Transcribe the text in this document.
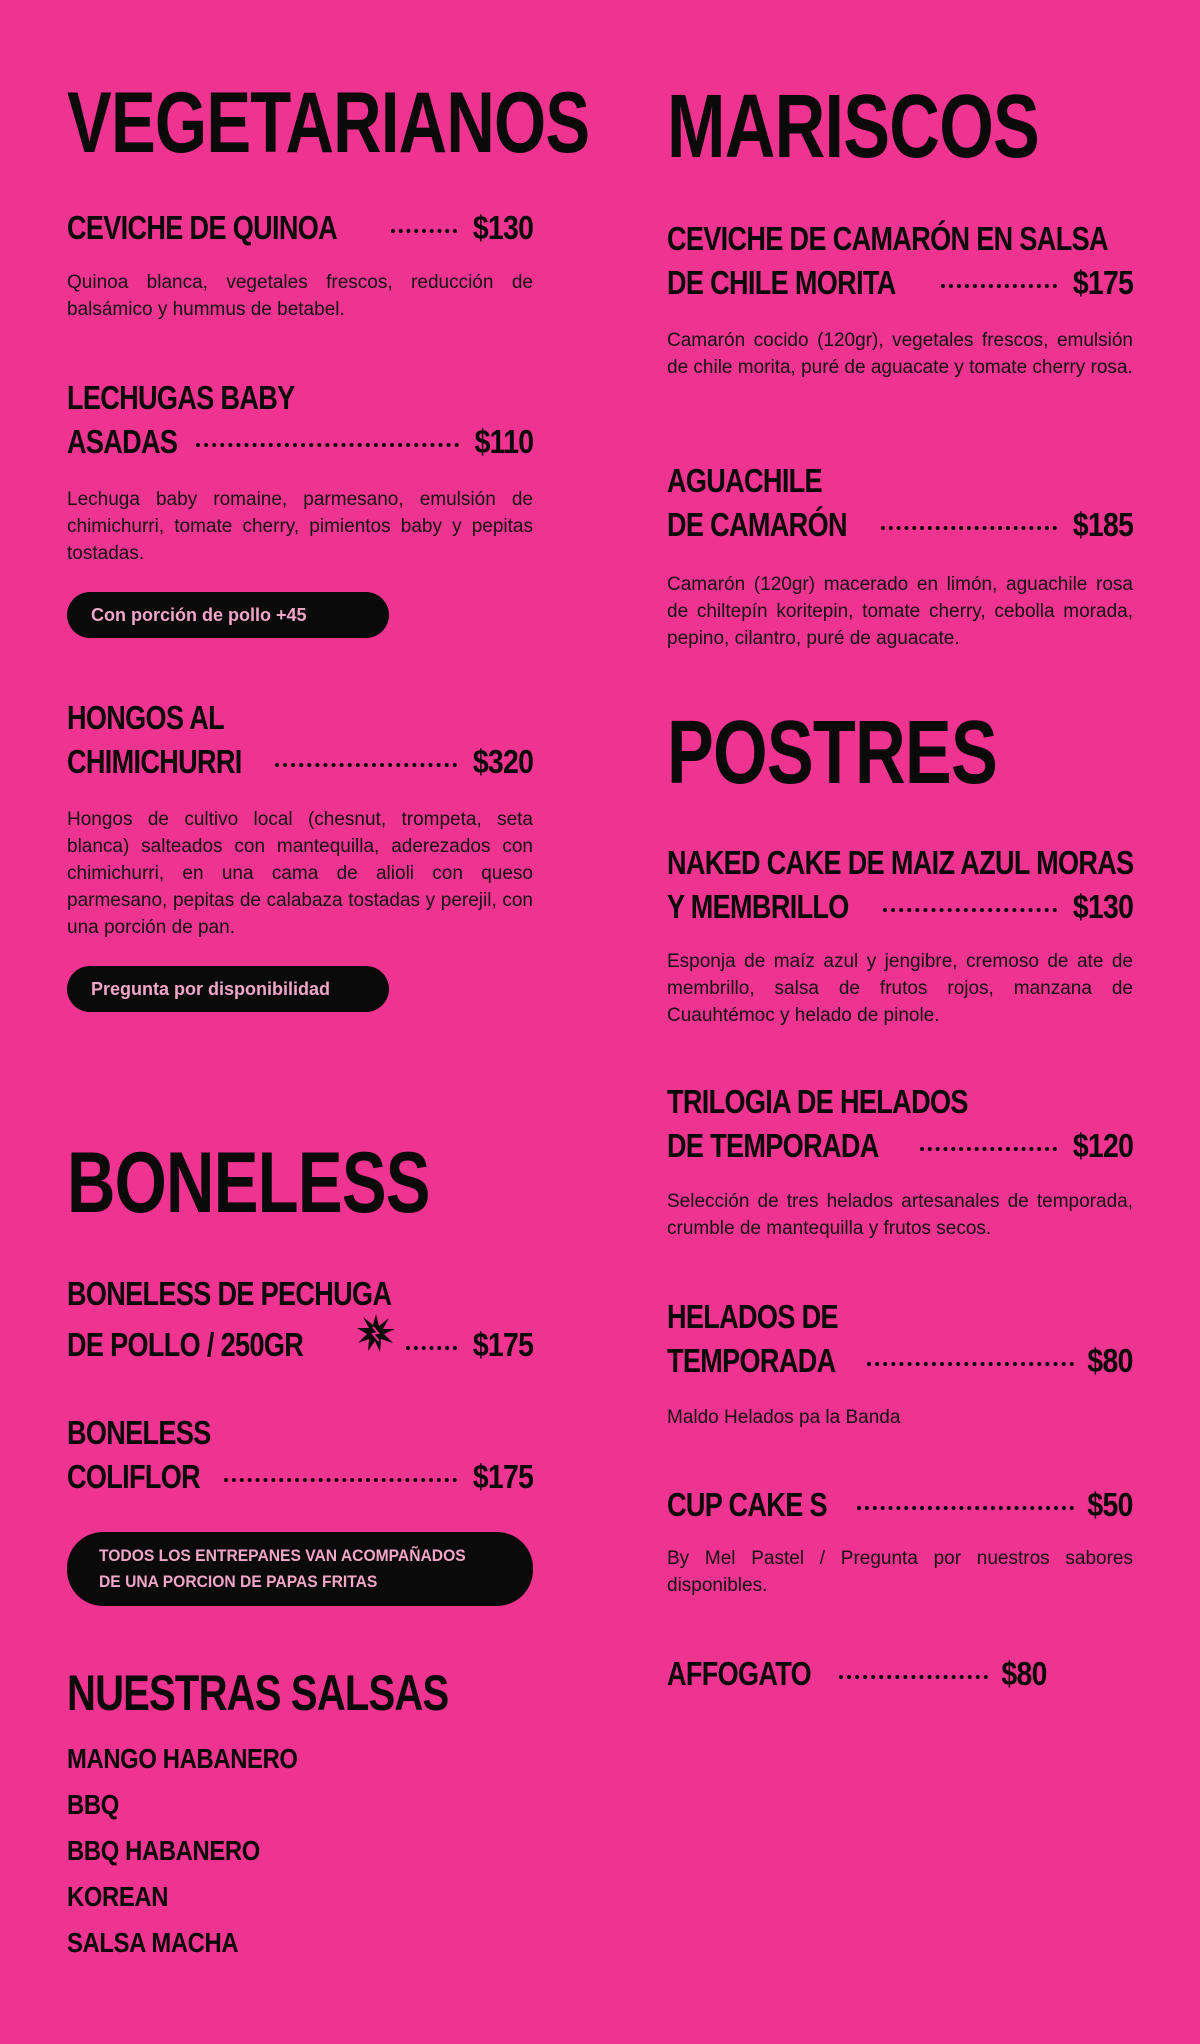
VEGETARIANOS
CEVICHE DE QUINOA	$130

Quinoa blanca, vegetales frescos, reducción de balsámico y hummus de betabel.

LECHUGAS BABY
ASADAS	$110

Lechuga baby romaine, parmesano, emulsión de chimichurri, tomate cherry, pimientos baby y pepitas tostadas.

Con porción de pollo +45
HONGOS AL
CHIMICHURRI	$320

Hongos de cultivo local (chesnut, trompeta, seta blanca) salteados con mantequilla, aderezados con chimichurri, en una cama de alioli con queso parmesano, pepitas de calabaza tostadas y perejil, con una porción de pan.

Pregunta por disponibilidad
BONELESS
BONELESS DE PECHUGA
DE POLLO / 250GR	$175
BONELESS
COLIFLOR	$175
TODOS LOS ENTREPANES VAN ACOMPAÑADOS
DE UNA PORCION DE PAPAS FRITAS
NUESTRAS SALSAS
MANGO HABANERO
BBQ
BBQ HABANERO
KOREAN
SALSA MACHA
MARISCOS
CEVICHE DE CAMARÓN EN SALSA
DE CHILE MORITA	$175

Camarón cocido (120gr), vegetales frescos, emulsión de chile morita, puré de aguacate y tomate cherry rosa.

AGUACHILE
DE CAMARÓN	$185

Camarón (120gr) macerado en limón, aguachile rosa de chiltepín koritepin, tomate cherry, cebolla morada, pepino, cilantro, puré de aguacate.

POSTRES
NAKED CAKE DE MAIZ AZUL MORAS
Y MEMBRILLO	$130

Esponja de maíz azul y jengibre, cremoso de ate de membrillo, salsa de frutos rojos, manzana de Cuauhtémoc y helado de pinole.

TRILOGIA DE HELADOS
DE TEMPORADA	$120

Selección de tres helados artesanales de temporada, crumble de mantequilla y frutos secos.

HELADOS DE
TEMPORADA	$80

Maldo Helados pa la Banda

CUP CAKE S	$50

By Mel Pastel / Pregunta por nuestros sabores disponibles.

AFFOGATO	$80
